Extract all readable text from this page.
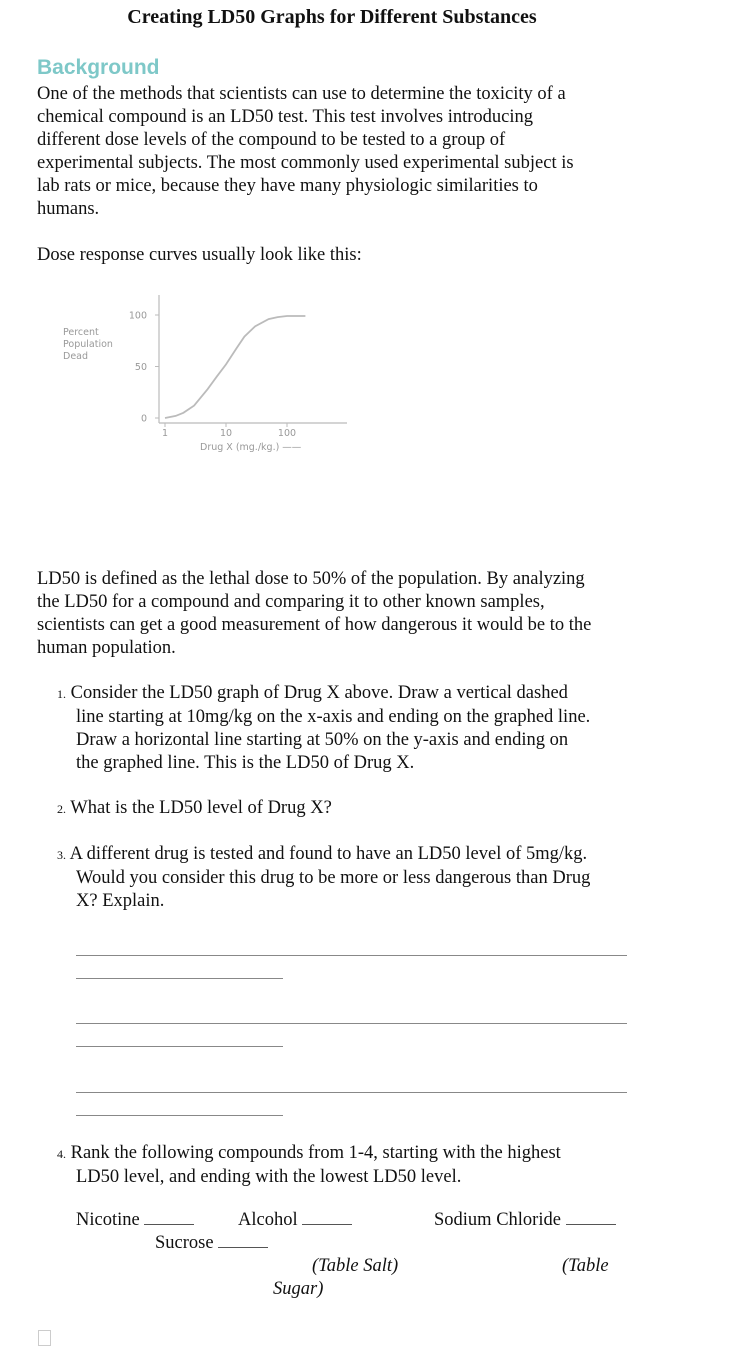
Creating LD50 Graphs for Different Substances
Background
One of the methods that scientists can use to determine the toxicity of a
chemical compound is an LD50 test. This test involves introducing
different dose levels of the compound to be tested to a group of
experimental subjects. The most commonly used experimental subject is
lab rats or mice, because they have many physiologic similarities to
humans.
Dose response curves usually look like this:
Percent
Population
Dead
100
50
0
1	10	100
Drug X (mg./kg.) ——
LD50 is defined as the lethal dose to 50% of the population. By analyzing
the LD50 for a compound and comparing it to other known samples,
scientists can get a good measurement of how dangerous it would be to the
human population.
1. Consider the LD50 graph of Drug X above. Draw a vertical dashed
line starting at 10mg/kg on the x-axis and ending on the graphed line.
Draw a horizontal line starting at 50% on the y-axis and ending on
the graphed line. This is the LD50 of Drug X.
2. What is the LD50 level of Drug X?
3. A different drug is tested and found to have an LD50 level of 5mg/kg.
Would you consider this drug to be more or less dangerous than Drug
X? Explain.
4. Rank the following compounds from 1-4, starting with the highest
LD50 level, and ending with the lowest LD50 level.
Nicotine	Alcohol	Sodium Chloride
Sucrose
(Table Salt)	(Table
Sugar)
